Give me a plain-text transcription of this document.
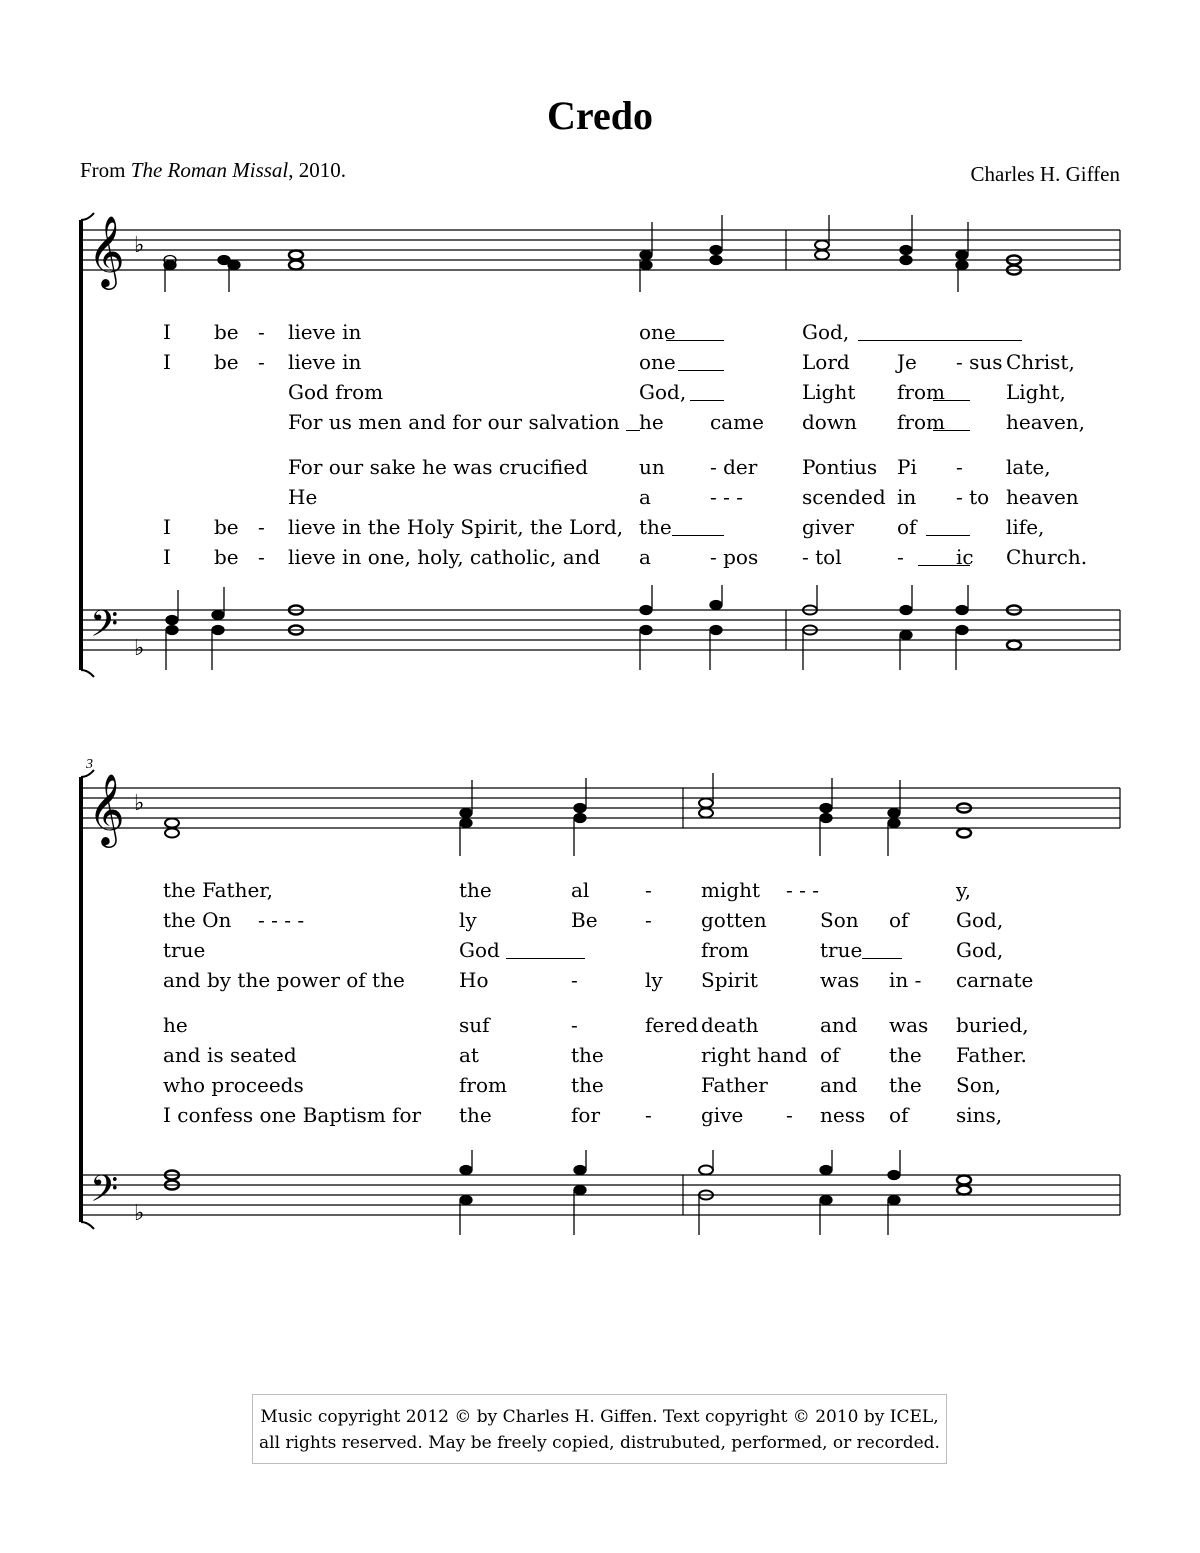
Credo
From The Roman Missal, 2010.	Charles H. Giffen
𝄞 ♭
𝄢 ♭
3
𝄞 ♭
𝄢 ♭
I be - lieve in	one	God,
I be - lieve in	one	Lord Je - sus Christ,
God from	God,	Light from	Light,
For us men and for our salvation he came down from	heaven,
For our sake he was crucified	un - der Pontius Pi - late,
He	a	- - -	scended in - to heaven
I be - lieve in the Holy Spirit, the Lord, the	giver of	life,
I be - lieve in one, holy, catholic, and a	- pos - tol	-	ic Church.
the Father,	the	al	- might - - -	y,
the On - - - -	ly	Be - gotten	Son of God,
true	God	from	true	God,
and by the power of the	Ho	-	ly Spirit	was in - carnate
he	suf	-	fered death	and was buried,
and is seated	at	the	right hand of the Father.
who proceeds	from	the	Father	and the Son,
I confess one Baptism for the	for - give - ness of sins,
Music copyright 2012 © by Charles H. Giffen. Text copyright © 2010 by ICEL,
all rights reserved. May be freely copied, distrubuted, performed, or recorded.
